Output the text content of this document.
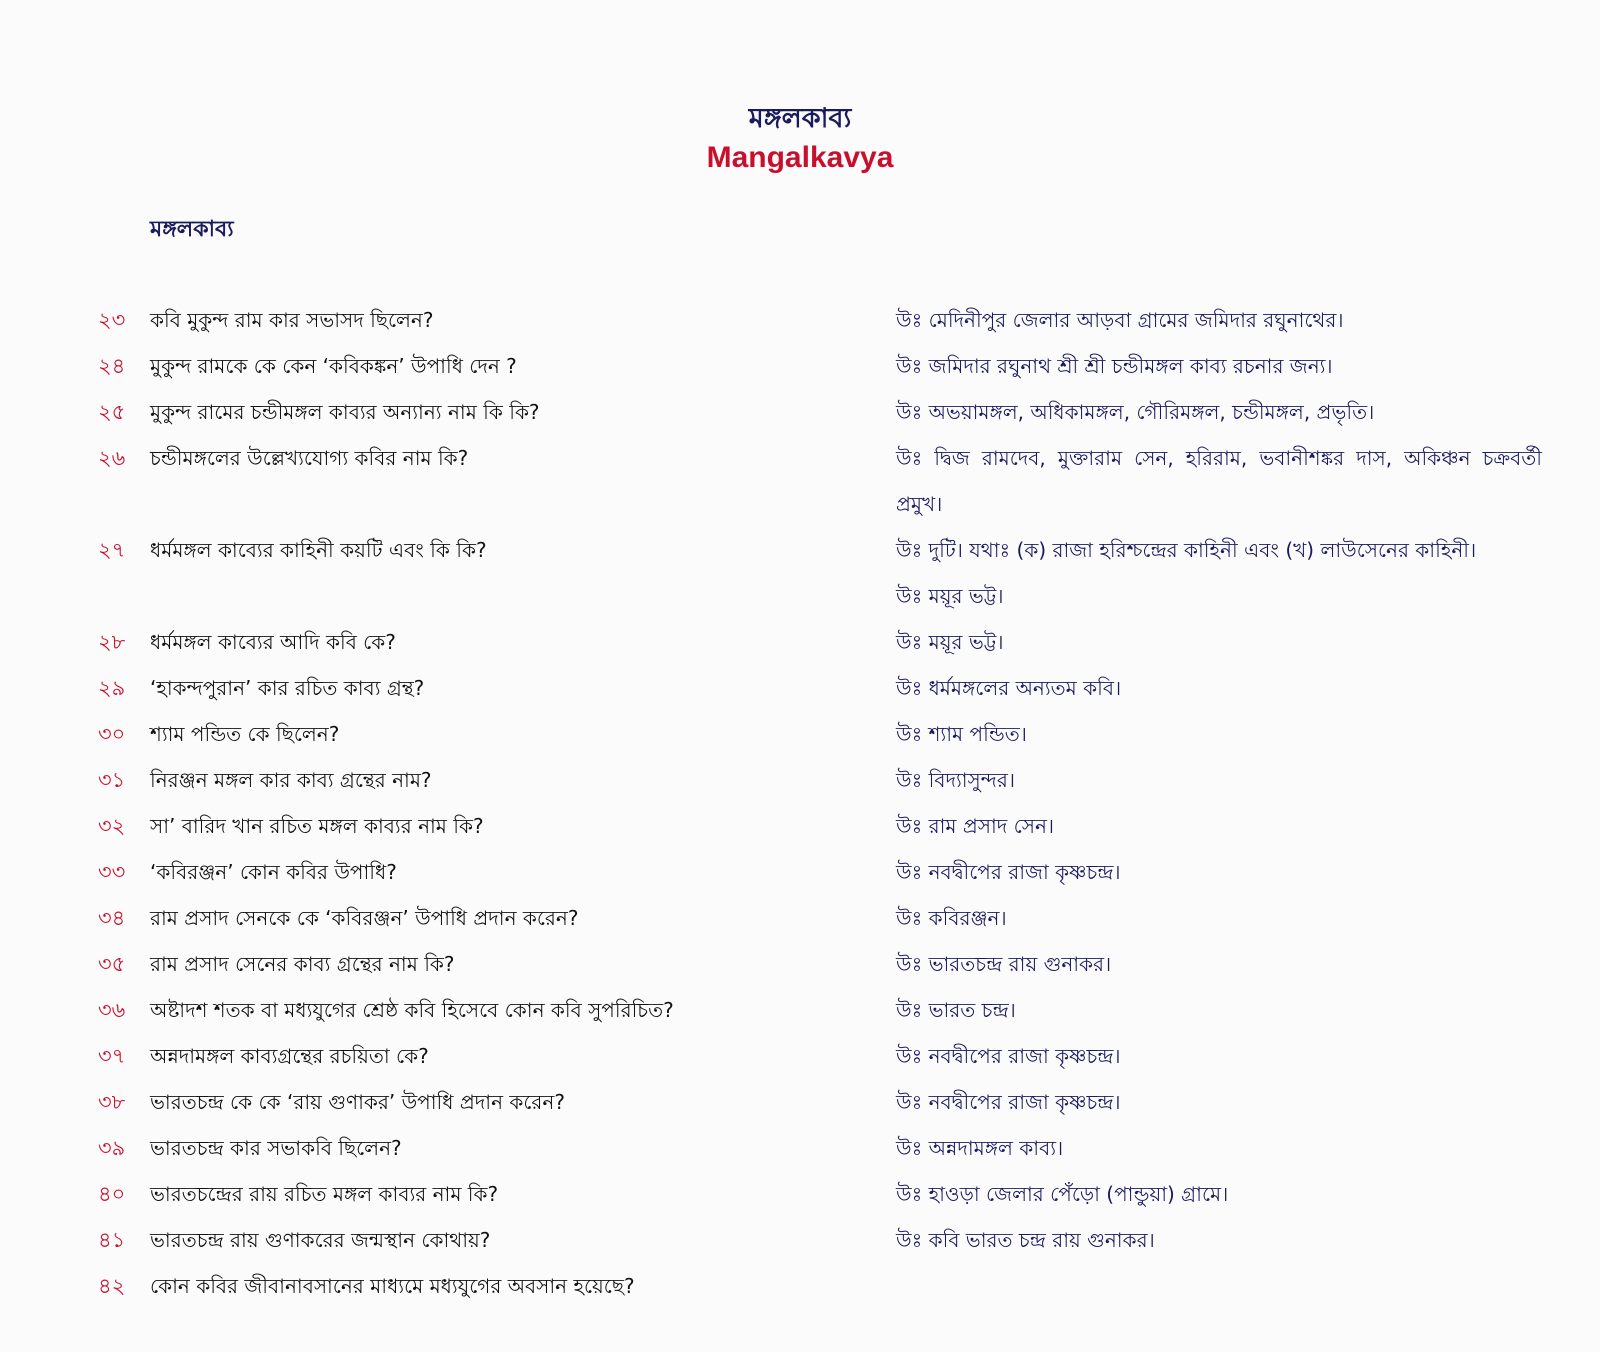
মঙ্গলকাব্য
Mangalkavya
মঙ্গলকাব্য
২৩ কবি মুকুন্দ রাম কার সভাসদ ছিলেন?	উঃ মেদিনীপুর জেলার আড়বা গ্রামের জমিদার রঘুনাথের।
২৪ মুকুন্দ রামকে কে কেন ‘কবিকঙ্কন’ উপাধি দেন ?	উঃ জমিদার রঘুনাথ শ্রী শ্রী চন্ডীমঙ্গল কাব্য রচনার জন্য।
২৫ মুকুন্দ রামের চন্ডীমঙ্গল কাব্যর অন্যান্য নাম কি কি?	উঃ অভয়ামঙ্গল, অধিকামঙ্গল, গৌরিমঙ্গল, চন্ডীমঙ্গল, প্রভৃতি।
২৬ চন্ডীমঙ্গলের উল্লেখ্যযোগ্য কবির নাম কি?	উঃ দ্বিজ রামদেব, মুক্তারাম সেন, হরিরাম, ভবানীশঙ্কর দাস, অকিঞ্চন চক্রবর্তী প্রমুখ।
২৭ ধর্মমঙ্গল কাব্যের কাহিনী কয়টি এবং কি কি?	উঃ দুটি। যথাঃ (ক) রাজা হরিশ্চন্দ্রের কাহিনী এবং (খ) লাউসেনের কাহিনী।
উঃ ময়ূর ভট্ট।
২৮ ধর্মমঙ্গল কাব্যের আদি কবি কে?	উঃ ময়ূর ভট্ট।
২৯ ‘হাকন্দপুরান’ কার রচিত কাব্য গ্রন্থ?	উঃ ধর্মমঙ্গলের অন্যতম কবি।
৩০ শ্যাম পন্ডিত কে ছিলেন?	উঃ শ্যাম পন্ডিত।
৩১ নিরঞ্জন মঙ্গল কার কাব্য গ্রন্থের নাম?	উঃ বিদ্যাসুন্দর।
৩২ সা’ বারিদ খান রচিত মঙ্গল কাব্যর নাম কি?	উঃ রাম প্রসাদ সেন।
৩৩ ‘কবিরঞ্জন’ কোন কবির উপাধি?	উঃ নবদ্বীপের রাজা কৃষ্ণচন্দ্র।
৩৪ রাম প্রসাদ সেনকে কে ‘কবিরঞ্জন’ উপাধি প্রদান করেন?	উঃ কবিরঞ্জন।
৩৫ রাম প্রসাদ সেনের কাব্য গ্রন্থের নাম কি?	উঃ ভারতচন্দ্র রায় গুনাকর।
৩৬ অষ্টাদশ শতক বা মধ্যযুগের শ্রেষ্ঠ কবি হিসেবে কোন কবি সুপরিচিত?	উঃ ভারত চন্দ্র।
৩৭ অন্নদামঙ্গল কাব্যগ্রন্থের রচয়িতা কে?	উঃ নবদ্বীপের রাজা কৃষ্ণচন্দ্র।
৩৮ ভারতচন্দ্র কে কে ‘রায় গুণাকর’ উপাধি প্রদান করেন?	উঃ নবদ্বীপের রাজা কৃষ্ণচন্দ্র।
৩৯ ভারতচন্দ্র কার সভাকবি ছিলেন?	উঃ অন্নদামঙ্গল কাব্য।
৪০ ভারতচন্দ্রের রায় রচিত মঙ্গল কাব্যর নাম কি?	উঃ হাওড়া জেলার পেঁড়ো (পান্ডুয়া) গ্রামে।
৪১ ভারতচন্দ্র রায় গুণাকরের জন্মস্থান কোথায়?	উঃ কবি ভারত চন্দ্র রায় গুনাকর।
৪২ কোন কবির জীবানাবসানের মাধ্যমে মধ্যযুগের অবসান হয়েছে?
